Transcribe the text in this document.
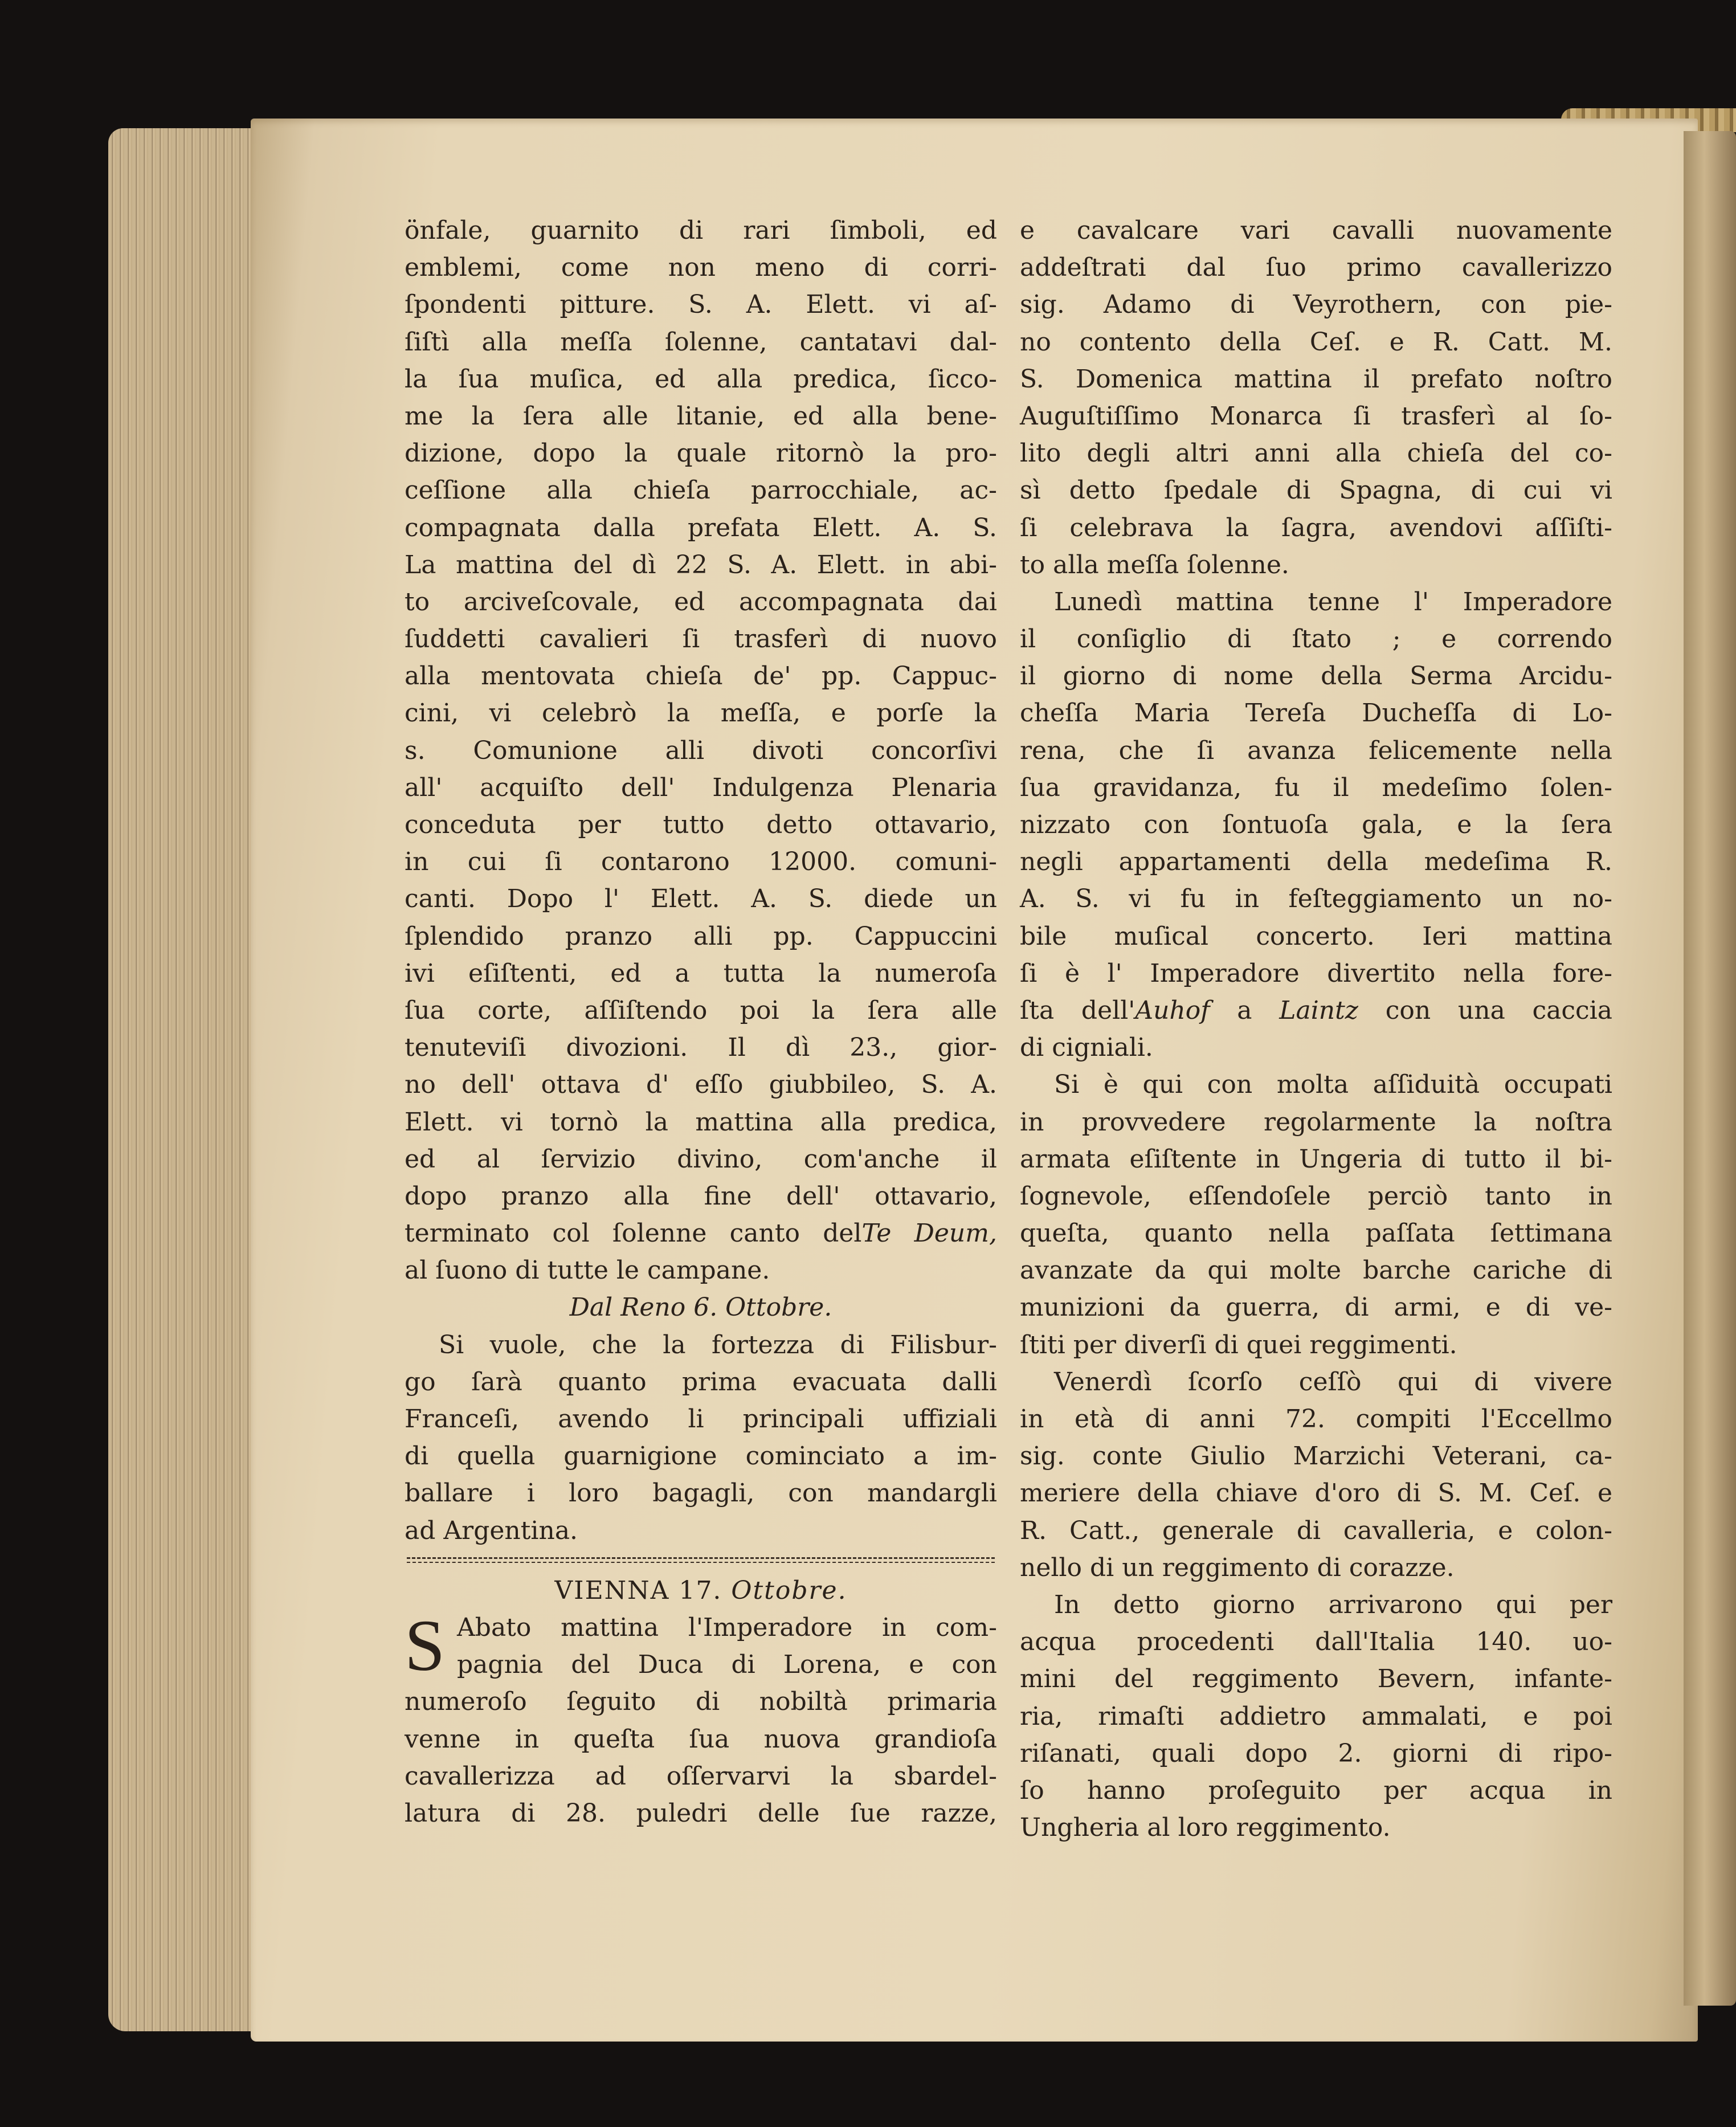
önfale, guarnito di rari ſimboli, ed
emblemi, come non meno di corri-
ſpondenti pitture. S. A. Elett. vi aſ-
ſiſtì alla meſſa ſolenne, cantatavi dal-
la ſua muſica, ed alla predica, ſicco-
me la ſera alle litanie, ed alla bene-
dizione, dopo la quale ritornò la pro-
ceſſione alla chieſa parrocchiale, ac-
compagnata dalla prefata Elett. A. S.
La mattina del dì 22 S. A. Elett. in abi-
to arciveſcovale, ed accompagnata dai
ſuddetti cavalieri ſi trasferì di nuovo
alla mentovata chieſa de' pp. Cappuc-
cini, vi celebrò la meſſa, e porſe la
s. Comunione alli divoti concorſivi
all' acquiſto dell' Indulgenza Plenaria
conceduta per tutto detto ottavario,
in cui ſi contarono 12000. comuni-
canti. Dopo l' Elett. A. S. diede un
ſplendido pranzo alli pp. Cappuccini
ivi eſiſtenti, ed a tutta la numeroſa
ſua corte, aſſiſtendo poi la ſera alle
tenuteviſi divozioni. Il dì 23., gior-
no dell' ottava d' eſſo giubbileo, S. A.
Elett. vi tornò la mattina alla predica,
ed al ſervizio divino, com'anche il
dopo pranzo alla fine dell' ottavario,
terminato col ſolenne canto delTe Deum,
al ſuono di tutte le campane.
Dal Reno 6. Ottobre.
Si vuole, che la fortezza di Filisbur-
go ſarà quanto prima evacuata dalli
Franceſi, avendo li principali uffiziali
di quella guarnigione cominciato a im-
ballare i loro bagagli, con mandargli
ad Argentina.
VIENNA 17. Ottobre.
S Abato mattina l'Imperadore in com-
pagnia del Duca di Lorena, e con
numeroſo ſeguito di nobiltà primaria
venne in queſta ſua nuova grandioſa
cavallerizza ad oſſervarvi la sbardel-
latura di 28. puledri delle ſue razze,
e cavalcare vari cavalli nuovamente
addeſtrati dal ſuo primo cavallerizzo
sig. Adamo di Veyrothern, con pie-
no contento della Ceſ. e R. Catt. M.
S. Domenica mattina il prefato noſtro
Auguſtiſſimo Monarca ſi trasferì al ſo-
lito degli altri anni alla chieſa del co-
sì detto ſpedale di Spagna, di cui vi
ſi celebrava la ſagra, avendovi aſſiſti-
to alla meſſa ſolenne.
Lunedì mattina tenne l' Imperadore
il conſiglio di ſtato ; e correndo
il giorno di nome della Serma Arcidu-
cheſſa Maria Tereſa Ducheſſa di Lo-
rena, che ſi avanza felicemente nella
ſua gravidanza, fu il medeſimo ſolen-
nizzato con ſontuoſa gala, e la ſera
negli appartamenti della medeſima R.
A. S. vi fu in feſteggiamento un no-
bile muſical concerto. Ieri mattina
ſi è l' Imperadore divertito nella fore-
ſta dell'Auhof a Laintz con una caccia
di cigniali.
Si è qui con molta aſſiduità occupati
in provvedere regolarmente la noſtra
armata eſiſtente in Ungeria di tutto il bi-
ſognevole, eſſendoſele perciò tanto in
queſta, quanto nella paſſata ſettimana
avanzate da qui molte barche cariche di
munizioni da guerra, di armi, e di ve-
ſtiti per diverſi di quei reggimenti.
Venerdì ſcorſo ceſſò qui di vivere
in età di anni 72. compiti l'Eccellmo
sig. conte Giulio Marzichi Veterani, ca-
meriere della chiave d'oro di S. M. Ceſ. e
R. Catt., generale di cavalleria, e colon-
nello di un reggimento di corazze.
In detto giorno arrivarono qui per
acqua procedenti dall'Italia 140. uo-
mini del reggimento Bevern, infante-
ria, rimaſti addietro ammalati, e poi
riſanati, quali dopo 2. giorni di ripo-
ſo hanno proſeguito per acqua in
Ungheria al loro reggimento.
